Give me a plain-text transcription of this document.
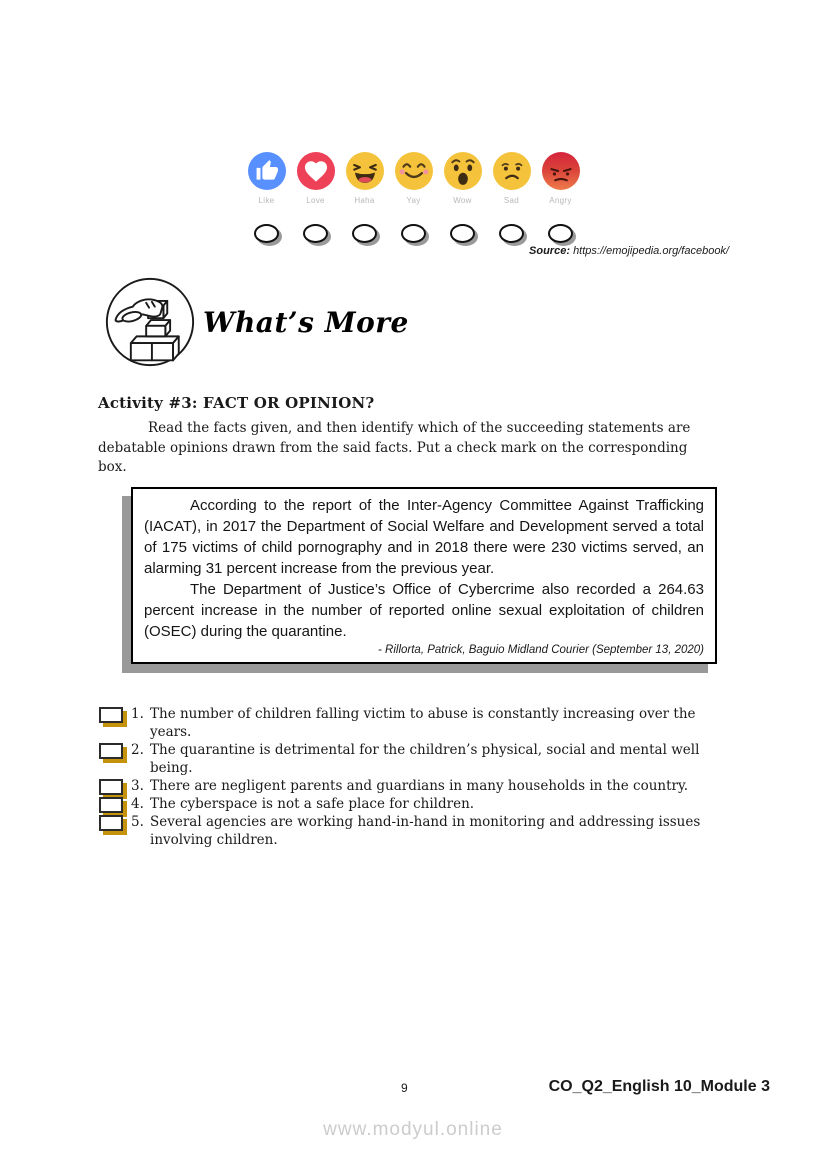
Like	Love	Haha	Yay	Wow	Sad	Angry
Source: https://emojipedia.org/facebook/
What’s More
Activity #3: FACT OR OPINION?
Read the facts given, and then identify which of the succeeding statements are debatable opinions drawn from the said facts. Put a check mark on the corresponding box.

According to the report of the Inter-Agency Committee Against Trafficking (IACAT), in 2017 the Department of Social Welfare and Development served a total of 175 victims of child pornography and in 2018 there were 230 victims served, an alarming 31 percent increase from the previous year.

The Department of Justice’s Office of Cybercrime also recorded a 264.63 percent increase in the number of reported online sexual exploitation of children (OSEC) during the quarantine.

- Rillorta, Patrick, Baguio Midland Courier (September 13, 2020)
1. The number of children falling victim to abuse is constantly increasing over the years.
2. The quarantine is detrimental for the children’s physical, social and mental well being.
3. There are negligent parents and guardians in many households in the country.
4. The cyberspace is not a safe place for children.
5. Several agencies are working hand-in-hand in monitoring and addressing issues involving children.
9	CO_Q2_English 10_Module 3
www.modyul.online
